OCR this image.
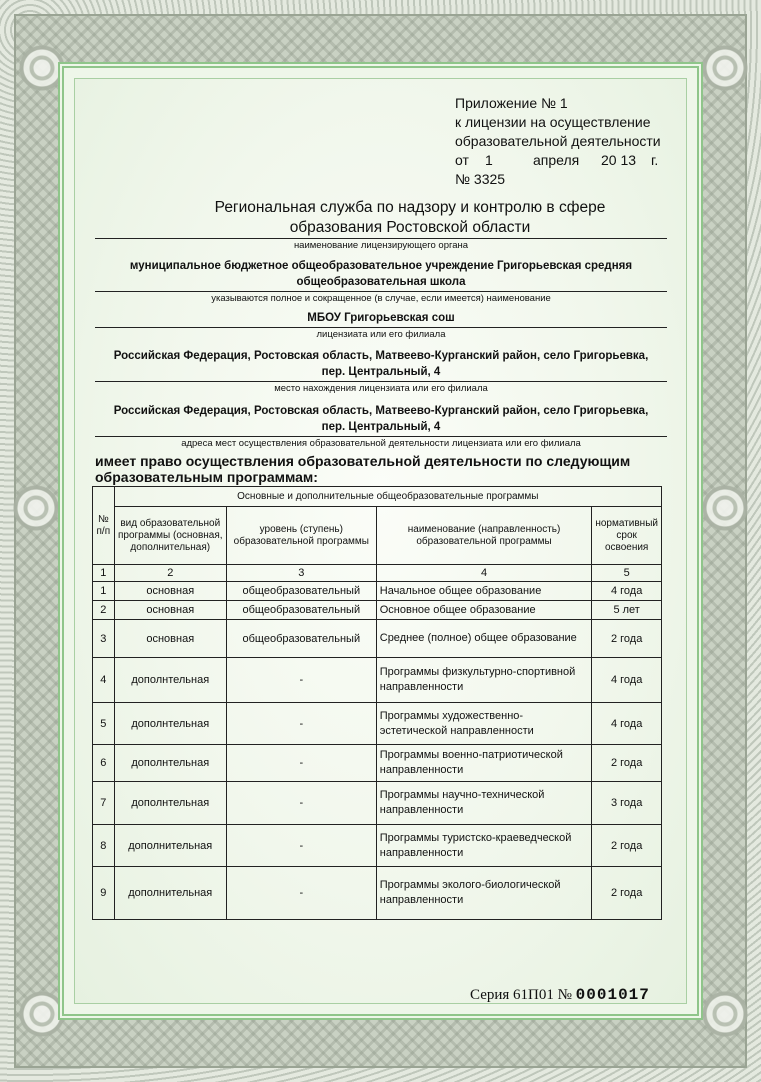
Приложение № 1
к лицензии на осуществление
образовательной деятельности
от 1	апреля 20 13 г.
№ 3325
Региональная служба по надзору и контролю в сфере
образования Ростовской области
наименование лицензирующего органа
муниципальное бюджетное общеобразовательное учреждение Григорьевская средняя
общеобразовательная школа
указываются полное и сокращенное (в случае, если имеется) наименование
МБОУ Григорьевская сош
лицензиата или его филиала
Российская Федерация, Ростовская область, Матвеево-Курганский район, село Григорьевка,
пер. Центральный, 4
место нахождения лицензиата или его филиала
Российская Федерация, Ростовская область, Матвеево-Курганский район, село Григорьевка,
пер. Центральный, 4
адреса мест осуществления образовательной деятельности лицензиата или его филиала
имеет право осуществления образовательной деятельности по следующим
образовательным программам:
№ п/п	Основные и дополнительные общеобразовательные программы			
	вид образовательной программы (основная, дополнительная)	уровень (ступень) образовательной программы	наименование (направленность) образовательной программы	нормативный срок освоения
1	2	3	4	5
1	основная	общеобразовательный	Начальное общее образование	4 года
2	основная	общеобразовательный	Основное общее образование	5 лет
3	основная	общеобразовательный	Среднее (полное) общее образование	2 года
4	дополнтельная	-	Программы физкультурно-спортивной направленности	4 года
5	дополнтельная	-	Программы художественно-эстетической направленности	4 года
6	дополнтельная	-	Программы военно-патриотической направленности	2 года
7	дополнтельная	-	Программы научно-технической направленности	3 года
8	дополнительная	-	Программы туристско-краеведческой направленности	2 года
9	дополнительная	-	Программы эколого-биологической направленности	2 года
Серия 61П01 № 0001017
